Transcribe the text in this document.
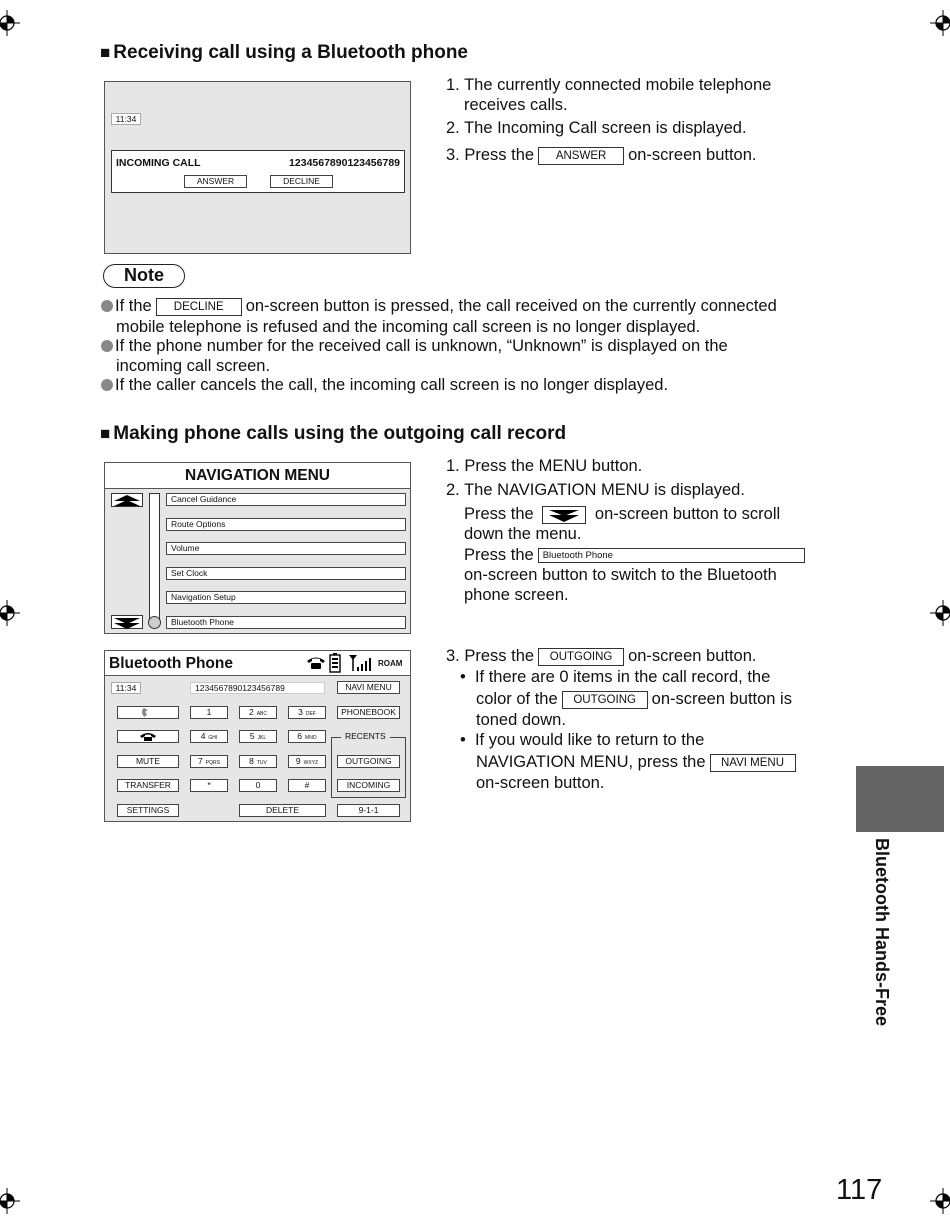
■ Receiving call using a Bluetooth phone
11:34
INCOMING CALL	1234567890123456789
ANSWER	DECLINE
1. The currently connected mobile telephone
receives calls.
2. The Incoming Call screen is displayed.
3. Press the ANSWER on-screen button.
Note
If the DECLINE on-screen button is pressed, the call received on the currently connected
mobile telephone is refused and the incoming call screen is no longer displayed.
If the phone number for the received call is unknown, “Unknown” is displayed on the
incoming call screen.
If the caller cancels the call, the incoming call screen is no longer displayed.
■ Making phone calls using the outgoing call record
NAVIGATION MENU
Cancel Guidance
Route Options
Volume
Set Clock
Navigation Setup
Bluetooth Phone
Bluetooth Phone	ROAM
11:34	1234567890123456789	NAVI MENU
MUTE
TRANSFER
SETTINGS
1	2 ABC	3 DEF
4 GHI	5 JKL	6 MNO
7 PQRS	8 TUV	9 WXYZ
*	0	#
DELETE
PHONEBOOK
RECENTS
OUTGOING
INCOMING
9-1-1
1. Press the MENU button.
2. The NAVIGATION MENU is displayed.
Press the	on-screen button to scroll
down the menu.
Press the Bluetooth Phone
on-screen button to switch to the Bluetooth
phone screen.
3. Press the OUTGOING on-screen button.
• If there are 0 items in the call record, the
color of the OUTGOING on-screen button is
toned down.
• If you would like to return to the
NAVIGATION MENU, press the NAVI MENU
on-screen button.
Bluetooth Hands-Free
117
